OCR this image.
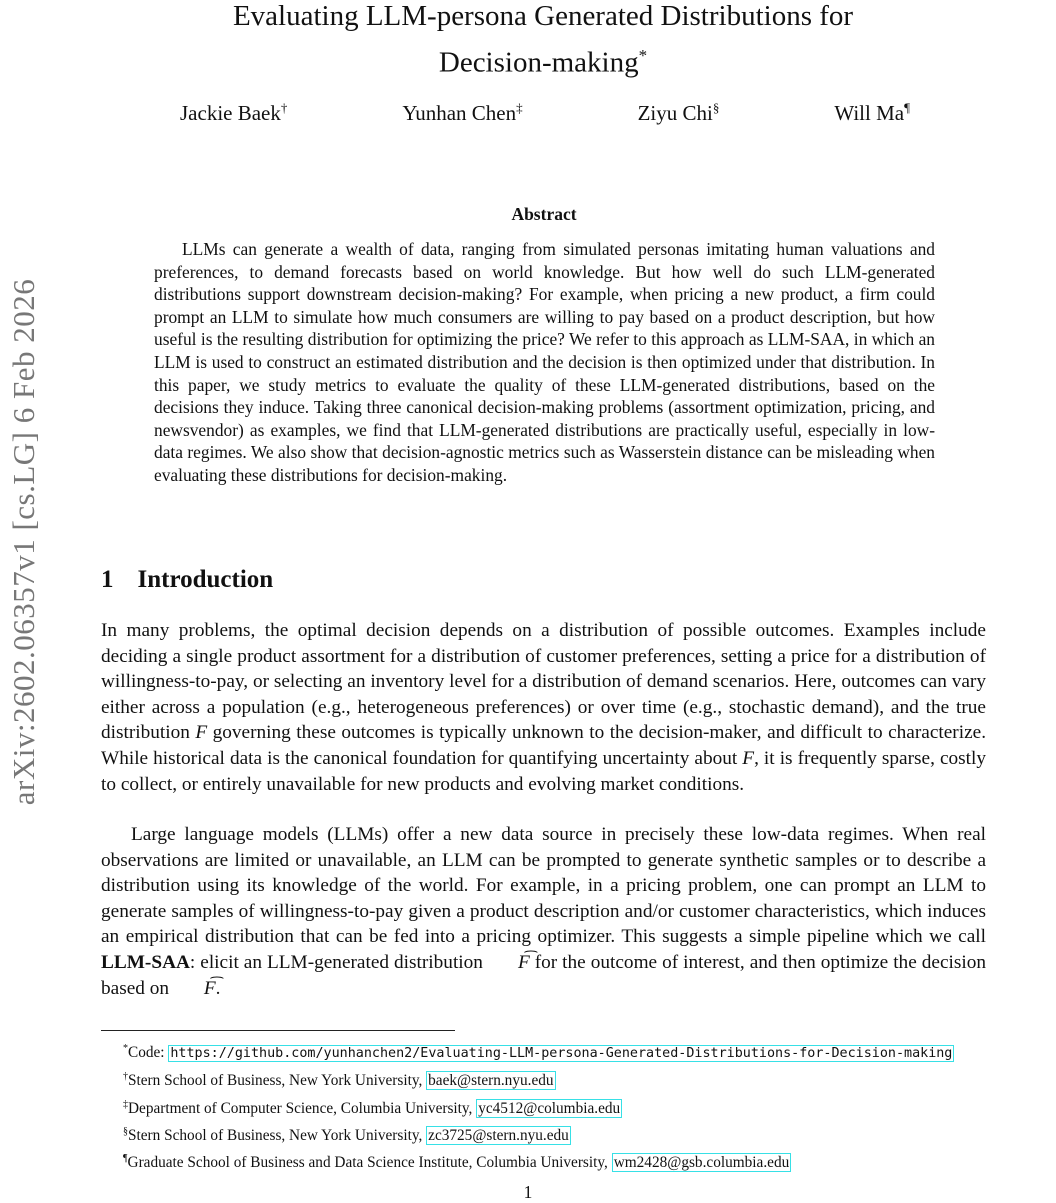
arXiv:2602.06357v1 [cs.LG] 6 Feb 2026
Evaluating LLM-persona Generated Distributions for
Decision-making*
Jackie Baek†	Yunhan Chen‡	Ziyu Chi§	Will Ma¶
Abstract

LLMs can generate a wealth of data, ranging from simulated personas imitating human valuations and preferences, to demand forecasts based on world knowledge. But how well do such LLM-generated distributions support downstream decision-making? For example, when pricing a new product, a firm could prompt an LLM to simulate how much consumers are willing to pay based on a product description, but how useful is the resulting distribution for optimizing the price? We refer to this approach as LLM-SAA, in which an LLM is used to construct an estimated distribution and the decision is then optimized under that distribution. In this paper, we study metrics to evaluate the quality of these LLM-generated distributions, based on the decisions they induce. Taking three canonical decision-making problems (assortment optimization, pricing, and newsvendor) as examples, we find that LLM-generated distributions are practically useful, especially in low-data regimes. We also show that decision-agnostic metrics such as Wasserstein distance can be misleading when evaluating these distributions for decision-making.

1 Introduction

In many problems, the optimal decision depends on a distribution of possible outcomes. Examples include deciding a single product assortment for a distribution of customer preferences, setting a price for a distribution of willingness-to-pay, or selecting an inventory level for a distribution of demand scenarios. Here, outcomes can vary either across a population (e.g., heterogeneous preferences) or over time (e.g., stochastic demand), and the true distribution F governing these outcomes is typically unknown to the decision-maker, and difficult to characterize. While historical data is the canonical foundation for quantifying uncertainty about F, it is frequently sparse, costly to collect, or entirely unavailable for new products and evolving market conditions.

Large language models (LLMs) offer a new data source in precisely these low-data regimes. When real observations are limited or unavailable, an LLM can be prompted to generate synthetic samples or to describe a distribution using its knowledge of the world. For example, in a pricing problem, one can prompt an LLM to generate samples of willingness-to-pay given a product description and/or customer characteristics, which induces an empirical distribution that can be fed into a pricing optimizer. This suggests a simple pipeline which we call LLM-SAA: elicit an LLM-generated distribution ⌢ F for the outcome of interest, and then optimize the decision based on ⌢ F.

*Code: https://github.com/yunhanchen2/Evaluating-LLM-persona-Generated-Distributions-for-Decision-making
†Stern School of Business, New York University, baek@stern.nyu.edu
‡Department of Computer Science, Columbia University, yc4512@columbia.edu
§Stern School of Business, New York University, zc3725@stern.nyu.edu
¶Graduate School of Business and Data Science Institute, Columbia University, wm2428@gsb.columbia.edu
1
